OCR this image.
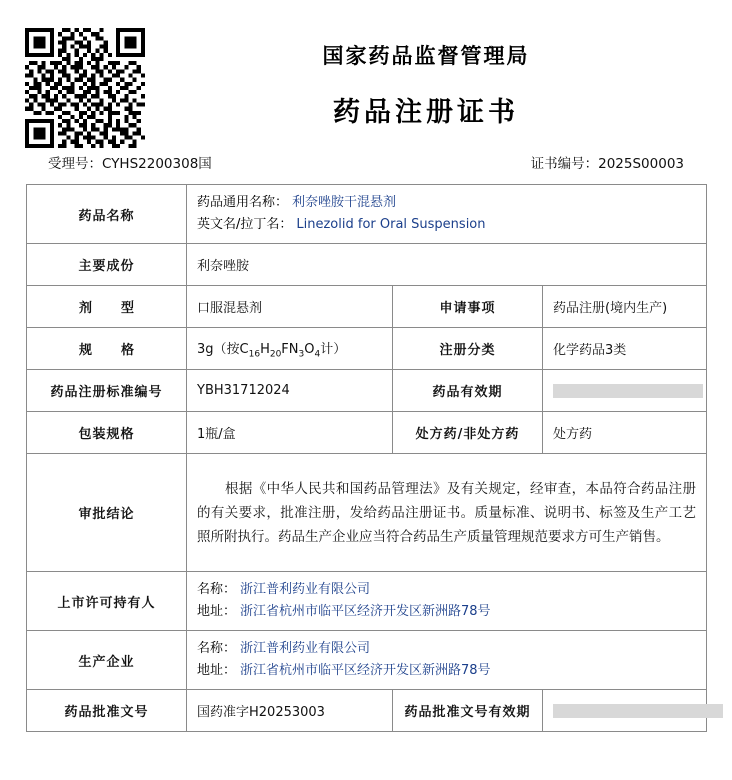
国家药品监督管理局
药品注册证书
受理号：CYHS2200308国	证书编号：2025S00003
药品名称	药品通用名称： 利奈唑胺干混悬剂
英文名/拉丁名： Linezolid for Oral Suspension		

主要成份	利奈唑胺		
剂　型	口服混悬剂	申请事项	药品注册(境内生产)
规　格	3g（按$C_{16}H_{20}FN_3O_4$计）	注册分类	化学药品3类
药品注册标准编号	YBH31712024	药品有效期	
包装规格	1瓶/盒	处方药/非处方药	处方药
审批结论	根据《中华人民共和国药品管理法》及有关规定，经审查，本品符合药品注册的有关要求，批准注册，发给药品注册证书。质量标准、说明书、标签及生产工艺照所附执行。药品生产企业应当符合药品生产质量管理规范要求方可生产销售。		

上市许可持有人	名称： 浙江普利药业有限公司
地址： 浙江省杭州市临平区经济开发区新洲路78号		

生产企业	名称： 浙江普利药业有限公司
地址： 浙江省杭州市临平区经济开发区新洲路78号		

药品批准文号	国药准字H20253003	药品批准文号有效期	
